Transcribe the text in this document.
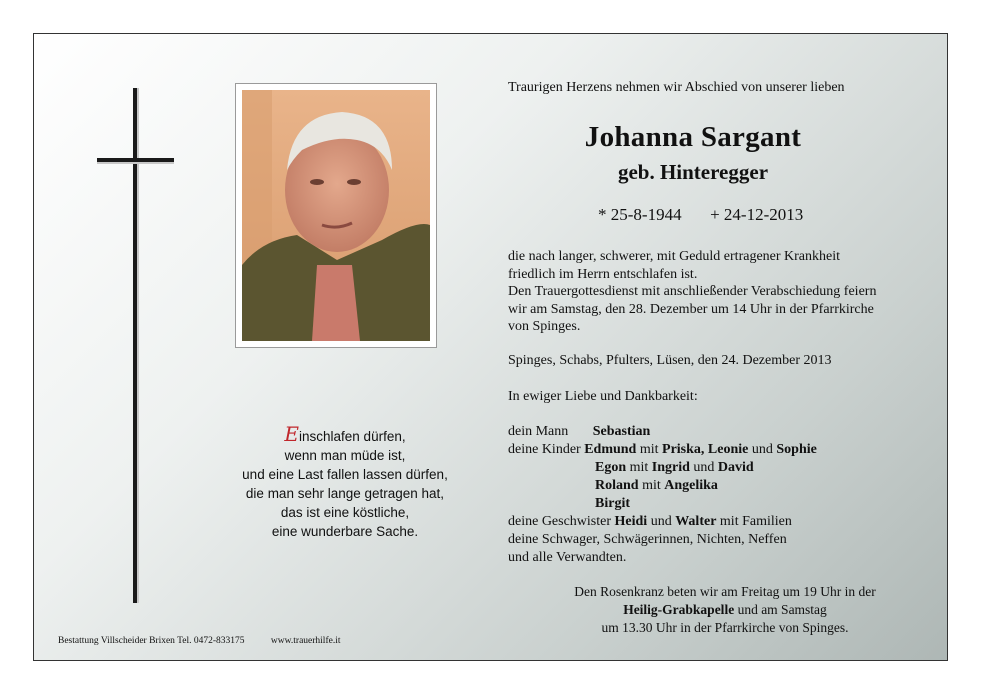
Einschlafen dürfen,
wenn man müde ist,
und eine Last fallen lassen dürfen,
die man sehr lange getragen hat,
das ist eine köstliche,
eine wunderbare Sache.
Traurigen Herzens nehmen wir Abschied von unserer lieben
Johanna Sargant
geb. Hinteregger
* 25-8-1944 + 24-12-2013
die nach langer, schwerer, mit Geduld ertragener Krankheit
friedlich im Herrn entschlafen ist.
Den Trauergottesdienst mit anschließender Verabschiedung feiern
wir am Samstag, den 28. Dezember um 14 Uhr in der Pfarrkirche
von Spinges.
Spinges, Schabs, Pfulters, Lüsen, den 24. Dezember 2013
In ewiger Liebe und Dankbarkeit:
dein Mann Sebastian
deine Kinder Edmund mit Priska, Leonie und Sophie
Egon mit Ingrid und David
Roland mit Angelika
Birgit
deine Geschwister Heidi und Walter mit Familien
deine Schwager, Schwägerinnen, Nichten, Neffen
und alle Verwandten.
Den Rosenkranz beten wir am Freitag um 19 Uhr in der
Heilig-Grabkapelle und am Samstag
um 13.30 Uhr in der Pfarrkirche von Spinges.
Bestattung Villscheider Brixen Tel. 0472-833175	www.trauerhilfe.it
